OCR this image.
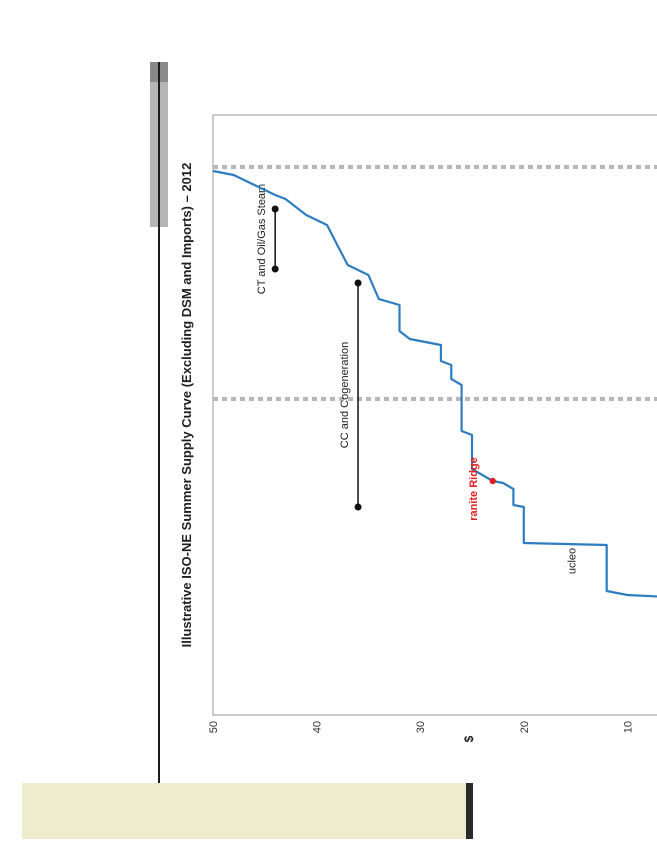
CC and Cogeneration
CT and Oil/Gas Steam
ucleo
ranite Ridge
10
20
30
40
50
$
Illustrative ISO-NE Summer Supply Curve (Excluding DSM and Imports) – 2012
